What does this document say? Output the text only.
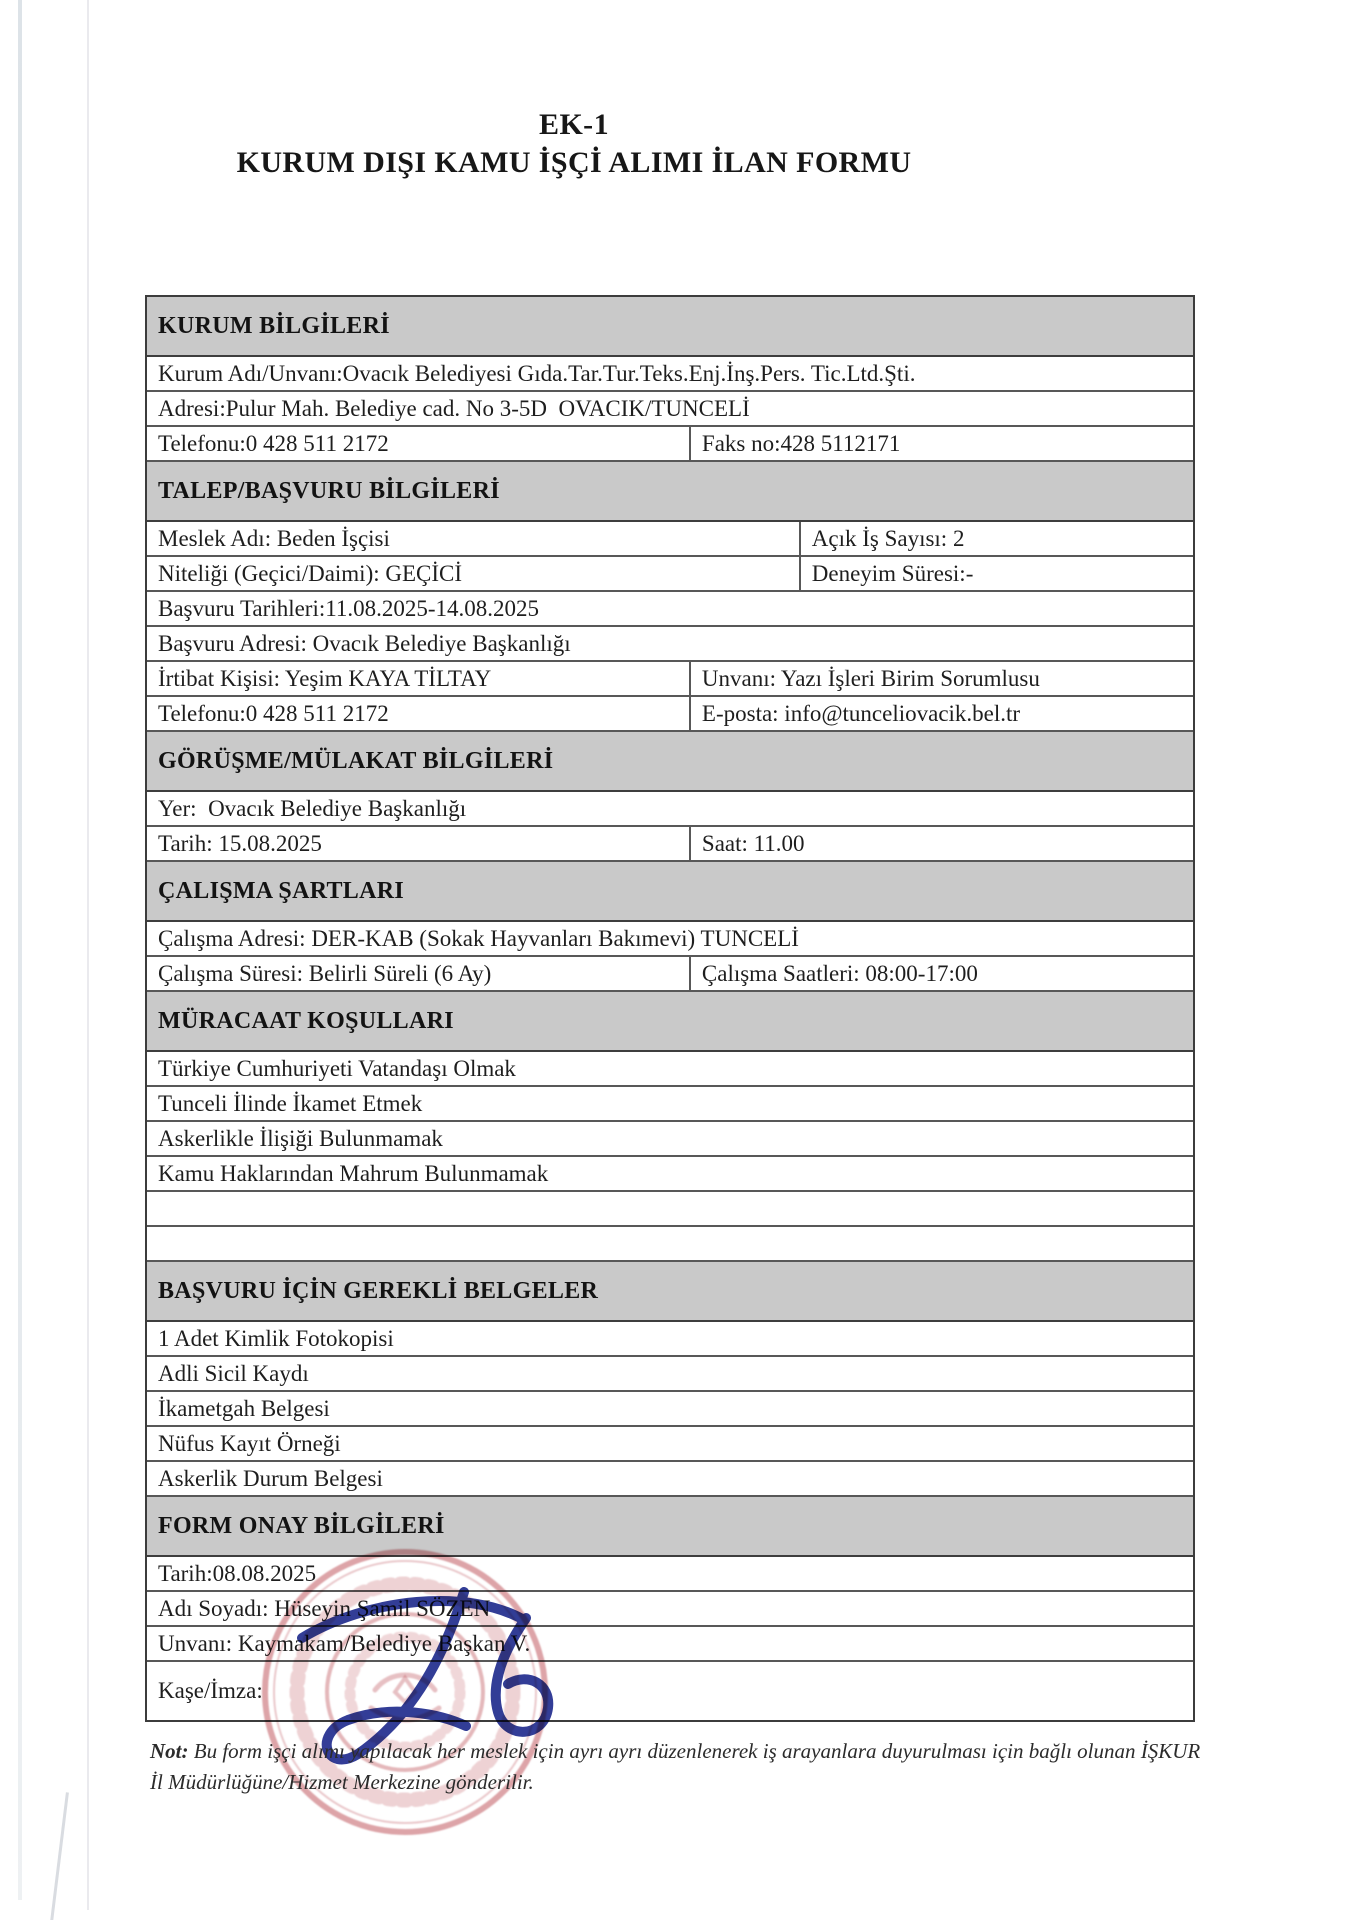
EK-1
KURUM DIŞI KAMU İŞÇİ ALIMI İLAN FORMU
KURUM BİLGİLERİ
Kurum Adı/Unvanı:Ovacık Belediyesi Gıda.Tar.Tur.Teks.Enj.İnş.Pers. Tic.Ltd.Şti.
Adresi:Pulur Mah. Belediye cad. No 3-5D  OVACIK/TUNCELİ
Telefonu:0 428 511 2172	Faks no:428 5112171
TALEP/BAŞVURU BİLGİLERİ
Meslek Adı: Beden İşçisi	Açık İş Sayısı: 2
Niteliği (Geçici/Daimi): GEÇİCİ	Deneyim Süresi:-
Başvuru Tarihleri:11.08.2025-14.08.2025
Başvuru Adresi: Ovacık Belediye Başkanlığı
İrtibat Kişisi: Yeşim KAYA TİLTAY	Unvanı: Yazı İşleri Birim Sorumlusu
Telefonu:0 428 511 2172	E-posta: info@tunceliovacik.bel.tr
GÖRÜŞME/MÜLAKAT BİLGİLERİ
Yer:  Ovacık Belediye Başkanlığı
Tarih: 15.08.2025	Saat: 11.00
ÇALIŞMA ŞARTLARI
Çalışma Adresi: DER-KAB (Sokak Hayvanları Bakımevi) TUNCELİ
Çalışma Süresi: Belirli Süreli (6 Ay)	Çalışma Saatleri: 08:00-17:00
MÜRACAAT KOŞULLARI
Türkiye Cumhuriyeti Vatandaşı Olmak
Tunceli İlinde İkamet Etmek
Askerlikle İlişiği Bulunmamak
Kamu Haklarından Mahrum Bulunmamak
BAŞVURU İÇİN GEREKLİ BELGELER
1 Adet Kimlik Fotokopisi
Adli Sicil Kaydı
İkametgah Belgesi
Nüfus Kayıt Örneği
Askerlik Durum Belgesi
FORM ONAY BİLGİLERİ
Tarih:08.08.2025
Adı Soyadı: Hüseyin Şamil SÖZEN
Unvanı: Kaymakam/Belediye Başkan V.
Kaşe/İmza:
Not: Bu form işçi alımı yapılacak her meslek için ayrı ayrı düzenlenerek iş arayanlara duyurulması için bağlı olunan İŞKUR İl Müdürlüğüne/Hizmet Merkezine gönderilir.
